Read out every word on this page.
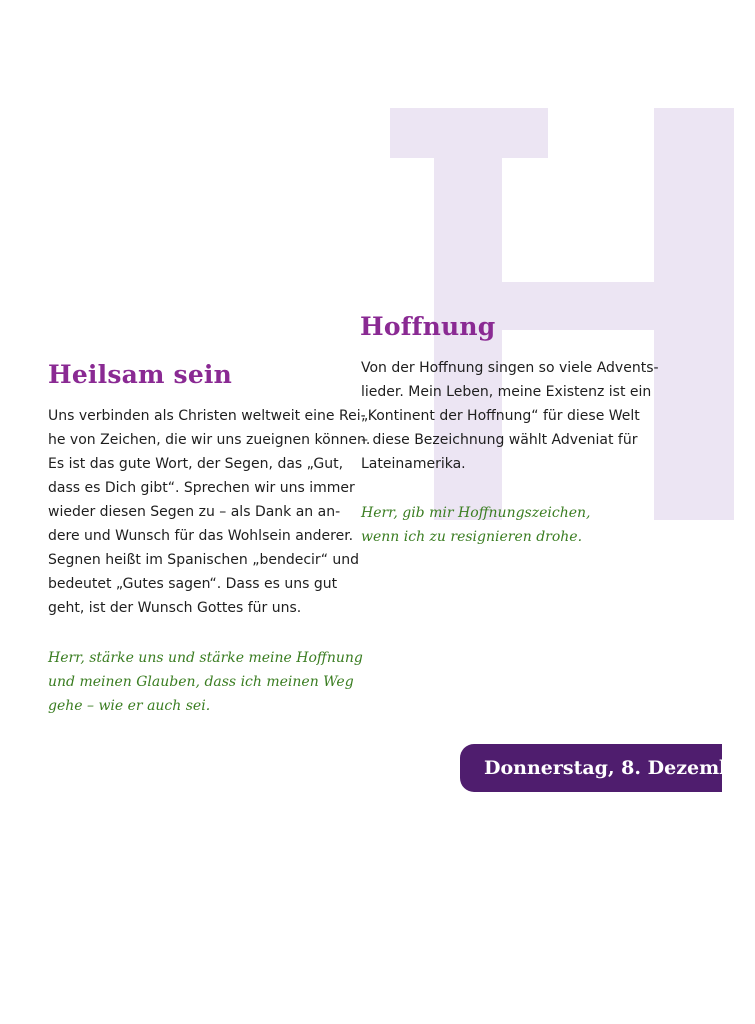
Heilsam sein
Uns verbinden als Christen weltweit eine Rei-
he von Zeichen, die wir uns zueignen können.
Es ist das gute Wort, der Segen, das „Gut,
dass es Dich gibt“. Sprechen wir uns immer
wieder diesen Segen zu – als Dank an an-
dere und Wunsch für das Wohlsein anderer.
Segnen heißt im Spanischen „bendecir“ und
bedeutet „Gutes sagen“. Dass es uns gut
geht, ist der Wunsch Gottes für uns.
Herr, stärke uns und stärke meine Hoffnung
und meinen Glauben, dass ich meinen Weg
gehe – wie er auch sei.
Hoffnung
Von der Hoffnung singen so viele Advents-
lieder. Mein Leben, meine Existenz ist ein
„Kontinent der Hoffnung“ für diese Welt
– diese Bezeichnung wählt Adveniat für
Lateinamerika.
Herr, gib mir Hoffnungszeichen,
wenn ich zu resignieren drohe.
Donnerstag, 8. Dezember
